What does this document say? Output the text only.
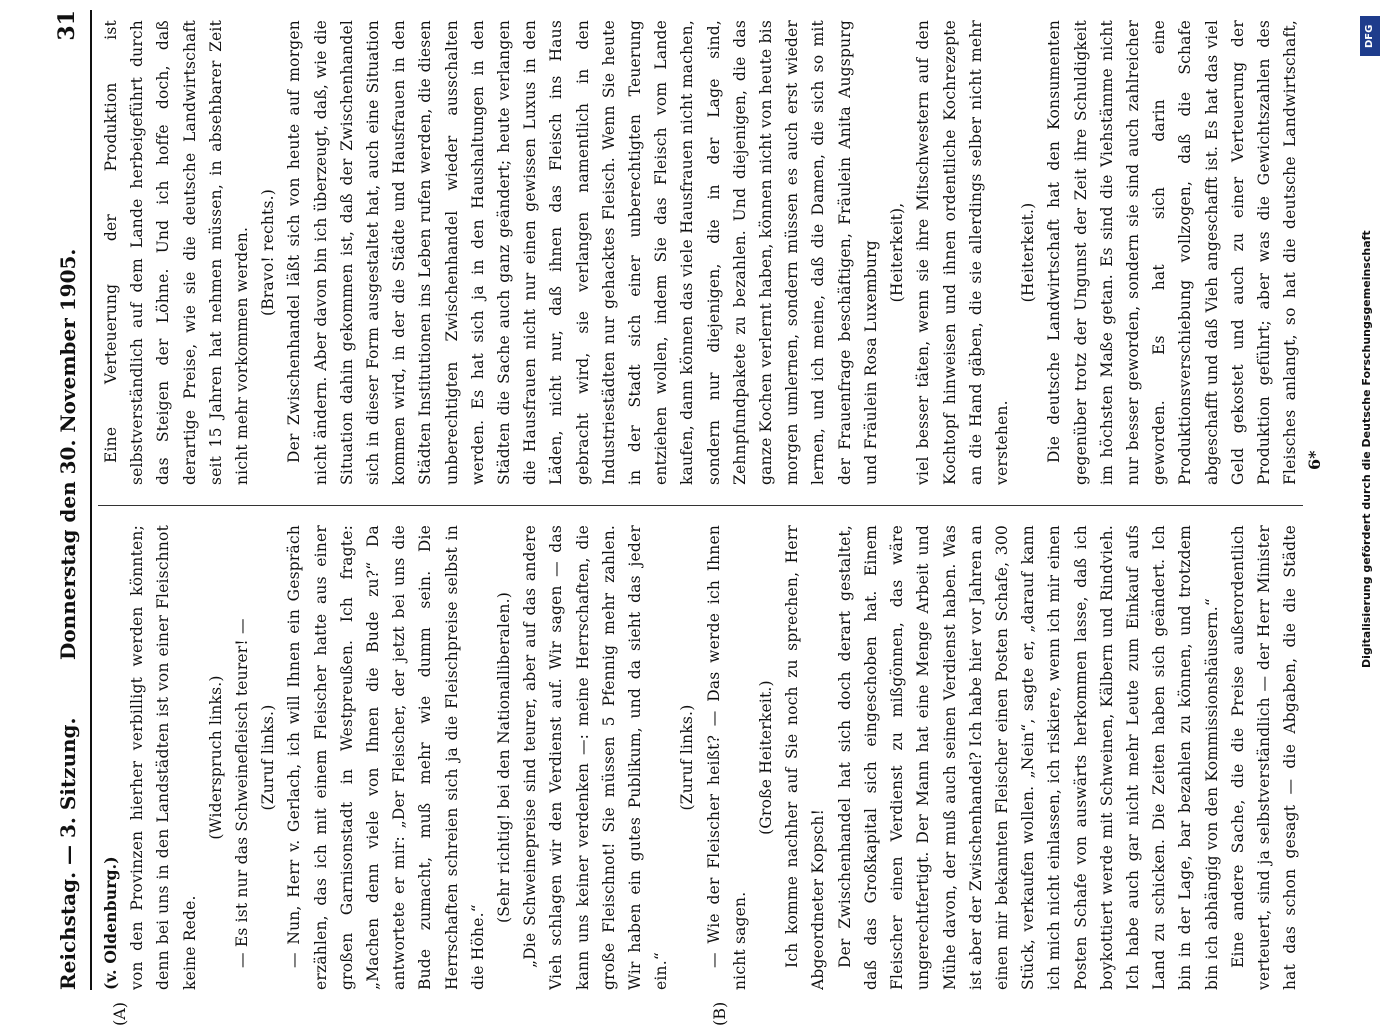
Reichstag. — 3. Sitzung.
Donnerstag den 30. November 1905.
31
(A)	(B)

(v. Oldenburg.) von den Provinzen hierher verbilligt werden könnten; denn bei uns in den Landstädten ist von einer Fleischnot keine Rede.

(Widerspruch links.) — Es ist nur das Schweinefleisch teurer! — (Zuruf links.) — Nun, Herr v. Gerlach, ich will Ihnen ein Gespräch erzählen, das ich mit einem Fleischer hatte aus einer großen Garnisonstadt in Westpreußen. Ich fragte: „Machen denn viele von Ihnen die Bude zu?“ Da antwortete er mir: „Der Fleischer, der jetzt bei uns die Bude zumacht, muß mehr wie dumm sein. Die Herrschaften schreien sich ja die Fleischpreise selbst in die Höhe.“

(Sehr richtig! bei den Nationalliberalen.) „Die Schweinepreise sind teurer, aber auf das andere Vieh schlagen wir den Verdienst auf. Wir sagen — das kann uns keiner verdenken —: meine Herrschaften, die große Fleischnot! Sie müssen 5 Pfennig mehr zahlen. Wir haben ein gutes Publikum, und da sieht das jeder ein.“

(Zuruf links.) — Wie der Fleischer heißt? — Das werde ich Ihnen nicht sagen.

(Große Heiterkeit.) Ich komme nachher auf Sie noch zu sprechen, Herr Abgeordneter Kopsch! Der Zwischenhandel hat sich doch derart gestaltet, daß das Großkapital sich eingeschoben hat. Einem Fleischer einen Verdienst zu mißgönnen, das wäre ungerechtfertigt. Der Mann hat eine Menge Arbeit und Mühe davon, der muß auch seinen Verdienst haben. Was ist aber der Zwischenhandel? Ich habe hier vor Jahren an einen mir bekannten Fleischer einen Posten Schafe, 300 Stück, verkaufen wollen. „Nein“, sagte er, „darauf kann ich mich nicht einlassen, ich riskiere, wenn ich mir einen Posten Schafe von auswärts herkommen lasse, daß ich boykottiert werde mit Schweinen, Kälbern und Rindvieh. Ich habe auch gar nicht mehr Leute zum Einkauf aufs Land zu schicken. Die Zeiten haben sich geändert. Ich bin in der Lage, bar bezahlen zu können, und trotzdem bin ich abhängig von den Kommissionshäusern.“ Eine andere Sache, die die Preise außerordentlich verteuert, sind ja selbstverständlich — der Herr Minister hat das schon gesagt — die Abgaben, die die Städte

Eine Verteuerung der Produktion ist selbstverständlich auf dem Lande herbeigeführt durch das Steigen der Löhne. Und ich hoffe doch, daß derartige Preise, wie sie die deutsche Landwirtschaft seit 15 Jahren hat nehmen müssen, in absehbarer Zeit nicht mehr vorkommen werden. (Bravo! rechts.) Der Zwischenhandel läßt sich von heute auf morgen nicht ändern. Aber davon bin ich überzeugt, daß, wie die Situation dahin gekommen ist, daß der Zwischenhandel sich in dieser Form ausgestaltet hat, auch eine Situation kommen wird, in der die Städte und Hausfrauen in den Städten Institutionen ins Leben rufen werden, die diesen unberechtigten Zwischenhandel wieder ausschalten werden. Es hat sich ja in den Haushaltungen in den Städten die Sache auch ganz geändert; heute verlangen die Hausfrauen nicht nur einen gewissen Luxus in den Läden, nicht nur, daß ihnen das Fleisch ins Haus gebracht wird, sie verlangen namentlich in den Industriestädten nur gehacktes Fleisch. Wenn Sie heute in der Stadt sich einer unberechtigten Teuerung entziehen wollen, indem Sie das Fleisch vom Lande kaufen, dann können das viele Hausfrauen nicht machen, sondern nur diejenigen, die in der Lage sind, Zehnpfundpakete zu bezahlen. Und diejenigen, die das ganze Kochen verlernt haben, können nicht von heute bis morgen umlernen, sondern müssen es auch erst wieder lernen, und ich meine, daß die Damen, die sich so mit der Frauenfrage beschäftigen, Fräulein Anita Augspurg und Fräulein Rosa Luxemburg (Heiterkeit), viel besser täten, wenn sie ihre Mitschwestern auf den Kochtopf hinweisen und ihnen ordentliche Kochrezepte an die Hand gäben, die sie allerdings selber nicht mehr verstehen.

(Heiterkeit.)

Die deutsche Landwirtschaft hat den Konsumenten gegenüber trotz der Ungunst der Zeit ihre Schuldigkeit im höchsten Maße getan. Es sind die Viehstämme nicht nur besser geworden, sondern sie sind auch zahlreicher geworden. Es hat sich darin eine Produktionsverschiebung vollzogen, daß die Schafe abgeschafft und daß Vieh angeschafft ist. Es hat das viel Geld gekostet und auch zu einer Verteuerung der Produktion geführt; aber was die Gewichtszahlen des Fleisches anlangt, so hat die deutsche Landwirtschaft,

6*
DFG
Digitalisierung gefördert durch die Deutsche Forschungsgemeinschaft
